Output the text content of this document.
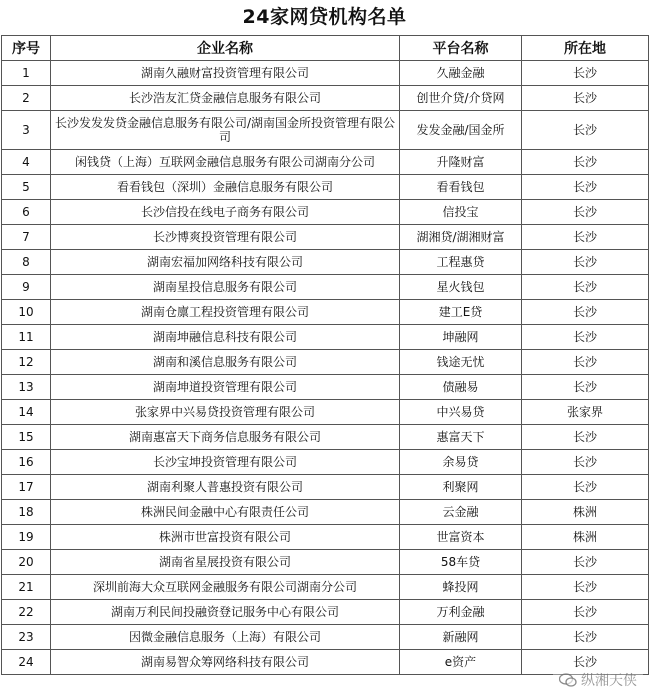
24家网贷机构名单
序号	企业名称	平台名称	所在地
1	湖南久融财富投资管理有限公司	久融金融	长沙
2	长沙浩友汇贷金融信息服务有限公司	创世介贷/介贷网	长沙
3	长沙发发发贷金融信息服务有限公司/湖南国金所投资管理有限公司	发发金融/国金所	长沙
4	闲钱贷（上海）互联网金融信息服务有限公司湖南分公司	升隆财富	长沙
5	看看钱包（深圳）金融信息服务有限公司	看看钱包	长沙
6	长沙信投在线电子商务有限公司	信投宝	长沙
7	长沙博爽投资管理有限公司	湖湘贷/湖湘财富	长沙
8	湖南宏福加网络科技有限公司	工程惠贷	长沙
9	湖南星投信息服务有限公司	星火钱包	长沙
10	湖南仓廪工程投资管理有限公司	建工E贷	长沙
11	湖南坤融信息科技有限公司	坤融网	长沙
12	湖南和溪信息服务有限公司	钱途无忧	长沙
13	湖南坤道投资管理有限公司	债融易	长沙
14	张家界中兴易贷投资管理有限公司	中兴易贷	张家界
15	湖南惠富天下商务信息服务有限公司	惠富天下	长沙
16	长沙宝坤投资管理有限公司	余易贷	长沙
17	湖南利聚人普惠投资有限公司	利聚网	长沙
18	株洲民间金融中心有限责任公司	云金融	株洲
19	株洲市世富投资有限公司	世富资本	株洲
20	湖南省星展投资有限公司	58车贷	长沙
21	深圳前海大众互联网金融服务有限公司湖南分公司	蜂投网	长沙
22	湖南万利民间投融资登记服务中心有限公司	万利金融	长沙
23	因微金融信息服务（上海）有限公司	新融网	长沙
24	湖南易智众筹网络科技有限公司	e资产	长沙
纵湘天侠
